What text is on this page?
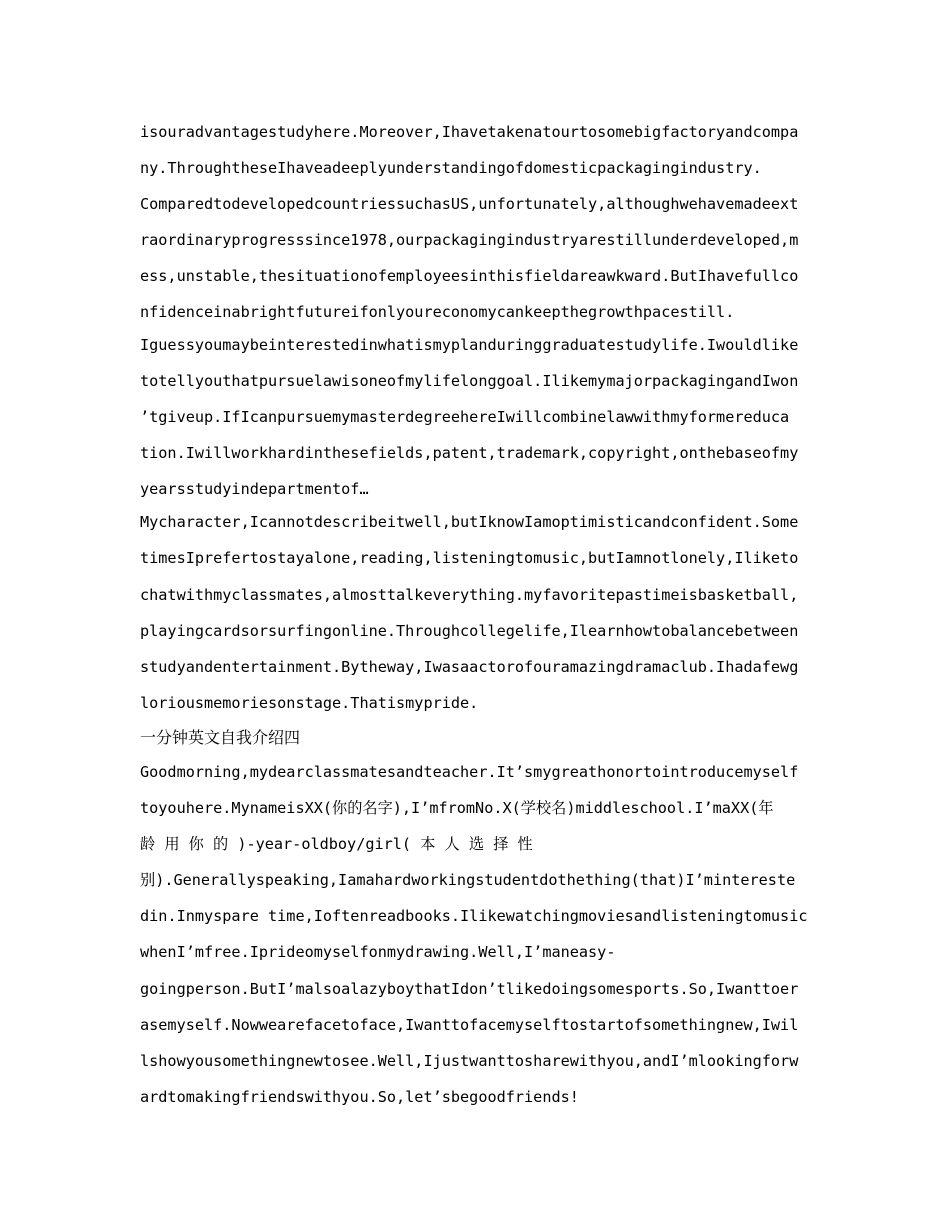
isouradvantagestudyhere.Moreover,Ihavetakenatourtosomebigfactoryandcompa
ny.ThroughtheseIhaveadeeplyunderstandingofdomesticpackagingindustry.
ComparedtodevelopedcountriessuchasUS,unfortunately,althoughwehavemadeext
raordinaryprogresssince1978,ourpackagingindustryarestillunderdeveloped,m
ess,unstable,thesituationofemployeesinthisfieldareawkward.ButIhavefullco
nfidenceinabrightfutureifonlyoureconomycankeepthegrowthpacestill.
Iguessyoumaybeinterestedinwhatismyplanduringgraduatestudylife.Iwouldlike
totellyouthatpursuelawisoneofmylifelonggoal.IlikemymajorpackagingandIwon
’tgiveup.IfIcanpursuemymasterdegreehereIwillcombinelawwithmyformereduca
tion.Iwillworkhardinthesefields,patent,trademark,copyright,onthebaseofmy
yearsstudyindepartmentof…
Mycharacter,Icannotdescribeitwell,butIknowIamoptimisticandconfident.Some
timesIprefertostayalone,reading,listeningtomusic,butIamnotlonely,Iliketo
chatwithmyclassmates,almosttalkeverything.myfavoritepastimeisbasketball,
playingcardsorsurfingonline.Throughcollegelife,Ilearnhowtobalancebetween
studyandentertainment.Bytheway,Iwasaactorofouramazingdramaclub.Ihadafewg
loriousmemoriesonstage.Thatismypride.
一分钟英文自我介绍四
Goodmorning,mydearclassmatesandteacher.It’smygreathonortointroducemyself
toyouhere.MynameisXX(你的名字),I’mfromNo.X(学校名)middleschool.I’maXX(年
龄 用 你 的 )-year-oldboy/girl( 本 人 选 择 性
别).Generallyspeaking,Iamahardworkingstudentdothething(that)I’mintereste
din.Inmyspare time,Ioftenreadbooks.Ilikewatchingmoviesandlisteningtomusic
whenI’mfree.Iprideomyselfonmydrawing.Well,I’maneasy-
goingperson.ButI’malsoalazyboythatIdon’tlikedoingsomesports.So,Iwanttoer
asemyself.Nowwearefacetoface,Iwanttofacemyselftostartofsomethingnew,Iwil
lshowyousomethingnewtosee.Well,Ijustwanttosharewithyou,andI’mlookingforw
ardtomakingfriendswithyou.So,let’sbegoodfriends!
